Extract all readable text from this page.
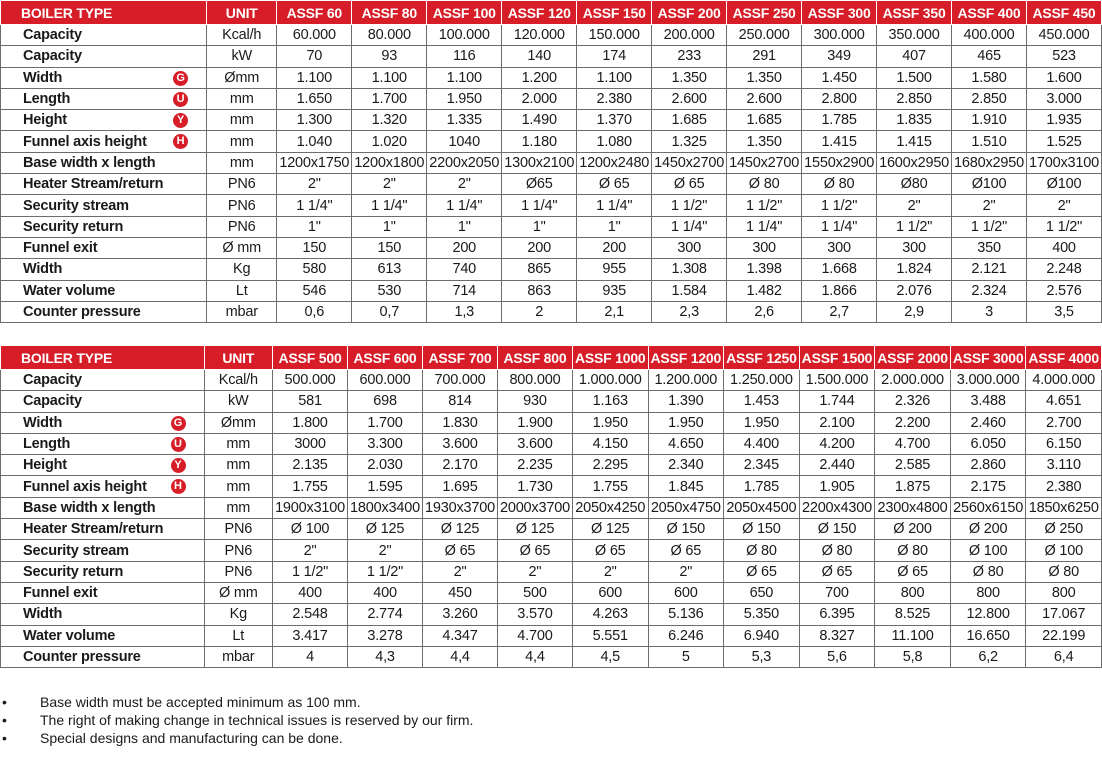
BOILER TYPE	UNIT	ASSF 60	ASSF 80	ASSF 100	ASSF 120	ASSF 150	ASSF 200	ASSF 250	ASSF 300	ASSF 350	ASSF 400	ASSF 450
Capacity	Kcal/h	60.000	80.000	100.000	120.000	150.000	200.000	250.000	300.000	350.000	400.000	450.000
Capacity	kW	70	93	116	140	174	233	291	349	407	465	523
Width G	Ømm	1.100	1.100	1.100	1.200	1.100	1.350	1.350	1.450	1.500	1.580	1.600
Length U	mm	1.650	1.700	1.950	2.000	2.380	2.600	2.600	2.800	2.850	2.850	3.000
Height Y	mm	1.300	1.320	1.335	1.490	1.370	1.685	1.685	1.785	1.835	1.910	1.935
Funnel axis height H	mm	1.040	1.020	1040	1.180	1.080	1.325	1.350	1.415	1.415	1.510	1.525
Base width x length	mm	1200x1750	1200x1800	2200x2050	1300x2100	1200x2480	1450x2700	1450x2700	1550x2900	1600x2950	1680x2950	1700x3100
Heater Stream/return	PN6	2"	2"	2"	Ø65	Ø 65	Ø 65	Ø 80	Ø 80	Ø80	Ø100	Ø100
Security stream	PN6	1 1/4"	1 1/4"	1 1/4"	1 1/4"	1 1/4"	1 1/2"	1 1/2"	1 1/2"	2"	2"	2"
Security return	PN6	1"	1"	1"	1"	1"	1 1/4"	1 1/4"	1 1/4"	1 1/2"	1 1/2"	1 1/2"
Funnel exit	Ø mm	150	150	200	200	200	300	300	300	300	350	400
Width	Kg	580	613	740	865	955	1.308	1.398	1.668	1.824	2.121	2.248
Water volume	Lt	546	530	714	863	935	1.584	1.482	1.866	2.076	2.324	2.576
Counter pressure	mbar	0,6	0,7	1,3	2	2,1	2,3	2,6	2,7	2,9	3	3,5
BOILER TYPE	UNIT	ASSF 500	ASSF 600	ASSF 700	ASSF 800	ASSF 1000	ASSF 1200	ASSF 1250	ASSF 1500	ASSF 2000	ASSF 3000	ASSF 4000
Capacity	Kcal/h	500.000	600.000	700.000	800.000	1.000.000	1.200.000	1.250.000	1.500.000	2.000.000	3.000.000	4.000.000
Capacity	kW	581	698	814	930	1.163	1.390	1.453	1.744	2.326	3.488	4.651
Width G	Ømm	1.800	1.700	1.830	1.900	1.950	1.950	1.950	2.100	2.200	2.460	2.700
Length U	mm	3000	3.300	3.600	3.600	4.150	4.650	4.400	4.200	4.700	6.050	6.150
Height Y	mm	2.135	2.030	2.170	2.235	2.295	2.340	2.345	2.440	2.585	2.860	3.110
Funnel axis height H	mm	1.755	1.595	1.695	1.730	1.755	1.845	1.785	1.905	1.875	2.175	2.380
Base width x length	mm	1900x3100	1800x3400	1930x3700	2000x3700	2050x4250	2050x4750	2050x4500	2200x4300	2300x4800	2560x6150	1850x6250
Heater Stream/return	PN6	Ø 100	Ø 125	Ø 125	Ø 125	Ø 125	Ø 150	Ø 150	Ø 150	Ø 200	Ø 200	Ø 250
Security stream	PN6	2"	2"	Ø 65	Ø 65	Ø 65	Ø 65	Ø 80	Ø 80	Ø 80	Ø 100	Ø 100
Security return	PN6	1 1/2"	1 1/2"	2"	2"	2"	2"	Ø 65	Ø 65	Ø 65	Ø 80	Ø 80
Funnel exit	Ø mm	400	400	450	500	600	600	650	700	800	800	800
Width	Kg	2.548	2.774	3.260	3.570	4.263	5.136	5.350	6.395	8.525	12.800	17.067
Water volume	Lt	3.417	3.278	4.347	4.700	5.551	6.246	6.940	8.327	11.100	16.650	22.199
Counter pressure	mbar	4	4,3	4,4	4,4	4,5	5	5,3	5,6	5,8	6,2	6,4
• Base width must be accepted minimum as 100 mm.
• The right of making change in technical issues is reserved by our firm.
• Special designs and manufacturing can be done.
